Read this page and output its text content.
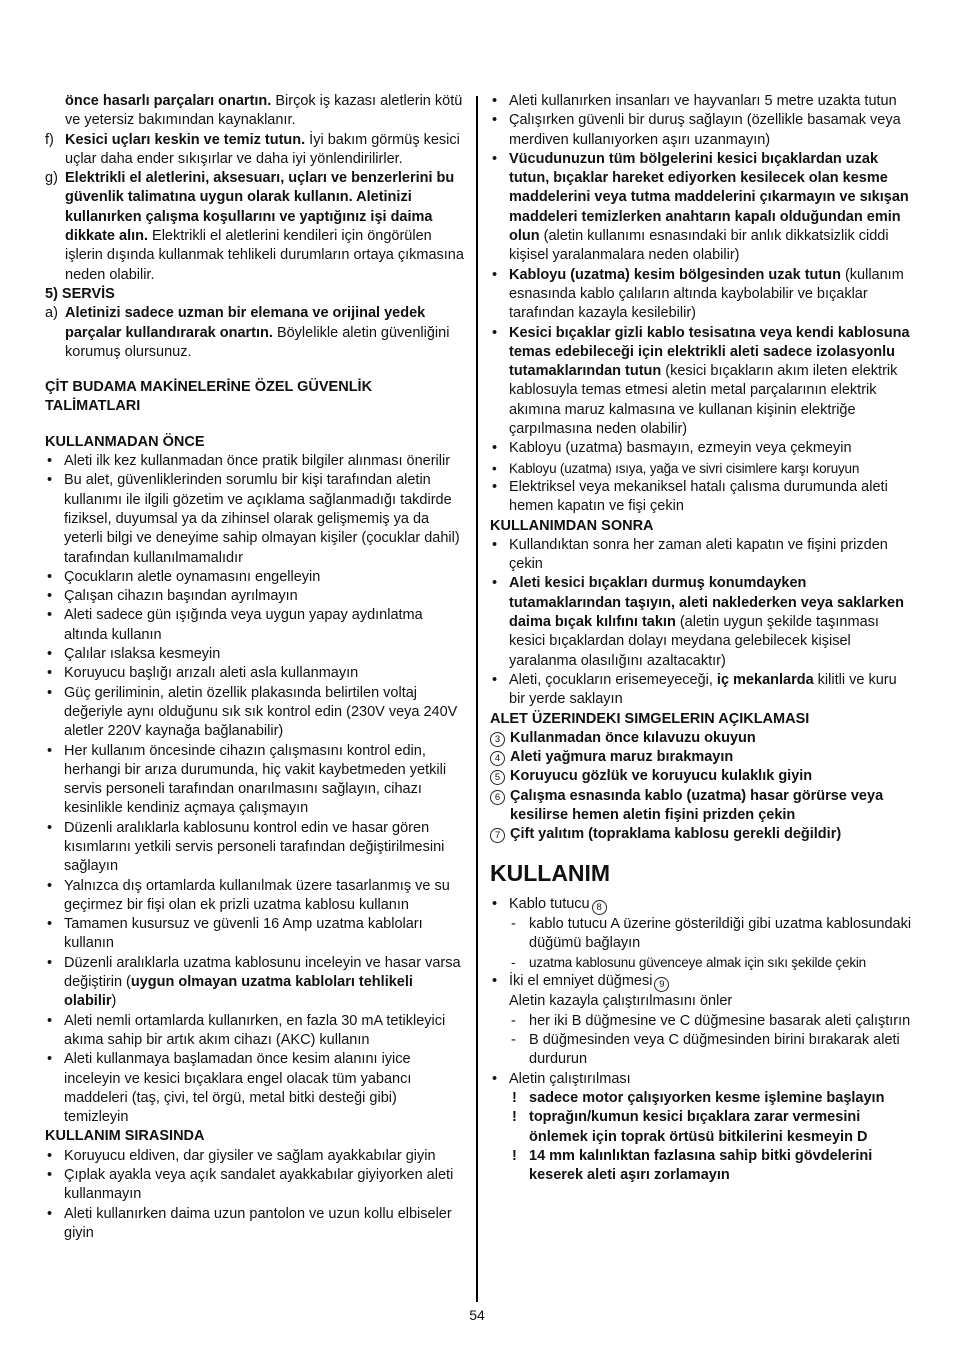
önce hasarlı parçaları onartın. Birçok iş kazası aletlerin kötü ve yetersiz bakımından kaynaklanır.

f) Kesici uçları keskin ve temiz tutun. İyi bakım görmüş kesici uçlar daha ender sıkışırlar ve daha iyi yönlendirilirler.

g) Elektrikli el aletlerini, aksesuarı, uçları ve benzerlerini bu güvenlik talimatına uygun olarak kullanın. Aletinizi kullanırken çalışma koşullarını ve yaptığınız işi daima dikkate alın. Elektrikli el aletlerini kendileri için öngörülen işlerin dışında kullanmak tehlikeli durumların ortaya çıkmasına neden olabilir.

5) SERVİS

a) Aletinizi sadece uzman bir elemana ve orijinal yedek parçalar kullandırarak onartın. Böylelikle aletin güvenliğini korumuş olursunuz.

ÇİT BUDAMA MAKİNELERİNE ÖZEL GÜVENLİK TALİMATLARI

KULLANMADAN ÖNCE

• Aleti ilk kez kullanmadan önce pratik bilgiler alınması önerilir

• Bu alet, güvenliklerinden sorumlu bir kişi tarafından aletin kullanımı ile ilgili gözetim ve açıklama sağlanmadığı takdirde fiziksel, duyumsal ya da zihinsel olarak gelişmemiş ya da yeterli bilgi ve deneyime sahip olmayan kişiler (çocuklar dahil) tarafından kullanılmamalıdır

• Çocukların aletle oynamasını engelleyin

• Çalışan cihazın başından ayrılmayın

• Aleti sadece gün ışığında veya uygun yapay aydınlatma altında kullanın

• Çalılar ıslaksa kesmeyin

• Koruyucu başlığı arızalı aleti asla kullanmayın

• Güç geriliminin, aletin özellik plakasında belirtilen voltaj değeriyle aynı olduğunu sık sık kontrol edin (230V veya 240V aletler 220V kaynağa bağlanabilir)

• Her kullanım öncesinde cihazın çalışmasını kontrol edin, herhangi bir arıza durumunda, hiç vakit kaybetmeden yetkili servis personeli tarafından onarılmasını sağlayın, cihazı kesinlikle kendiniz açmaya çalışmayın

• Düzenli aralıklarla kablosunu kontrol edin ve hasar gören kısımlarını yetkili servis personeli tarafından değiştirilmesini sağlayın

• Yalnızca dış ortamlarda kullanılmak üzere tasarlanmış ve su geçirmez bir fişi olan ek prizli uzatma kablosu kullanın

• Tamamen kusursuz ve güvenli 16 Amp uzatma kabloları kullanın

• Düzenli aralıklarla uzatma kablosunu inceleyin ve hasar varsa değiştirin (uygun olmayan uzatma kabloları tehlikeli olabilir)

• Aleti nemli ortamlarda kullanırken, en fazla 30 mA tetikleyici akıma sahip bir artık akım cihazı (AKC) kullanın

• Aleti kullanmaya başlamadan önce kesim alanını iyice inceleyin ve kesici bıçaklara engel olacak tüm yabancı maddeleri (taş, çivi, tel örgü, metal bitki desteği gibi) temizleyin

KULLANIM SIRASINDA

• Koruyucu eldiven, dar giysiler ve sağlam ayakkabılar giyin

• Çıplak ayakla veya açık sandalet ayakkabılar giyiyorken aleti kullanmayın

• Aleti kullanırken daima uzun pantolon ve uzun kollu elbiseler giyin

• Aleti kullanırken insanları ve hayvanları 5 metre uzakta tutun

• Çalışırken güvenli bir duruş sağlayın (özellikle basamak veya merdiven kullanıyorken aşırı uzanmayın)

• Vücudunuzun tüm bölgelerini kesici bıçaklardan uzak tutun, bıçaklar hareket ediyorken kesilecek olan kesme maddelerini veya tutma maddelerini çıkarmayın ve sıkışan maddeleri temizlerken anahtarın kapalı olduğundan emin olun (aletin kullanımı esnasındaki bir anlık dikkatsizlik ciddi kişisel yaralanmalara neden olabilir)

• Kabloyu (uzatma) kesim bölgesinden uzak tutun (kullanım esnasında kablo çalıların altında kaybolabilir ve bıçaklar tarafından kazayla kesilebilir)

• Kesici bıçaklar gizli kablo tesisatına veya kendi kablosuna temas edebileceği için elektrikli aleti sadece izolasyonlu tutamaklarından tutun (kesici bıçakların akım ileten elektrik kablosuyla temas etmesi aletin metal parçalarının elektrik akımına maruz kalmasına ve kullanan kişinin elektriğe çarpılmasına neden olabilir)

• Kabloyu (uzatma) basmayın, ezmeyin veya çekmeyin

• Kabloyu (uzatma) ısıya, yağa ve sivri cisimlere karşı koruyun

• Elektriksel veya mekaniksel hatalı çalısma durumunda aleti hemen kapatın ve fişi çekin

KULLANIMDAN SONRA

• Kullandıktan sonra her zaman aleti kapatın ve fişini prizden çekin

• Aleti kesici bıçakları durmuş konumdayken tutamaklarından taşıyın, aleti naklederken veya saklarken daima bıçak kılıfını takın (aletin uygun şekilde taşınması kesici bıçaklardan dolayı meydana gelebilecek kişisel yaralanma olasılığını azaltacaktır)

• Aleti, çocukların erisemeyeceği, iç mekanlarda kilitli ve kuru bir yerde saklayın

ALET ÜZERINDEKI SIMGELERIN AÇIKLAMASI

3 Kullanmadan önce kılavuzu okuyun

4 Aleti yağmura maruz bırakmayın

5 Koruyucu gözlük ve koruyucu kulaklık giyin

6 Çalışma esnasında kablo (uzatma) hasar görürse veya kesilirse hemen aletin fişini prizden çekin

7 Çift yalıtım (topraklama kablosu gerekli değildir)

KULLANIM

• Kablo tutucu 8

- kablo tutucu A üzerine gösterildiği gibi uzatma kablosundaki düğümü bağlayın

- uzatma kablosunu güvenceye almak için sıkı şekilde çekin

• İki el emniyet düğmesi 9

Aletin kazayla çalıştırılmasını önler

- her iki B düğmesine ve C düğmesine basarak aleti çalıştırın

- B düğmesinden veya C düğmesinden birini bırakarak aleti durdurun

• Aletin çalıştırılması

! sadece motor çalışıyorken kesme işlemine başlayın

! toprağın/kumun kesici bıçaklara zarar vermesini önlemek için toprak örtüsü bitkilerini kesmeyin D

! 14 mm kalınlıktan fazlasına sahip bitki gövdelerini keserek aleti aşırı zorlamayın

54
